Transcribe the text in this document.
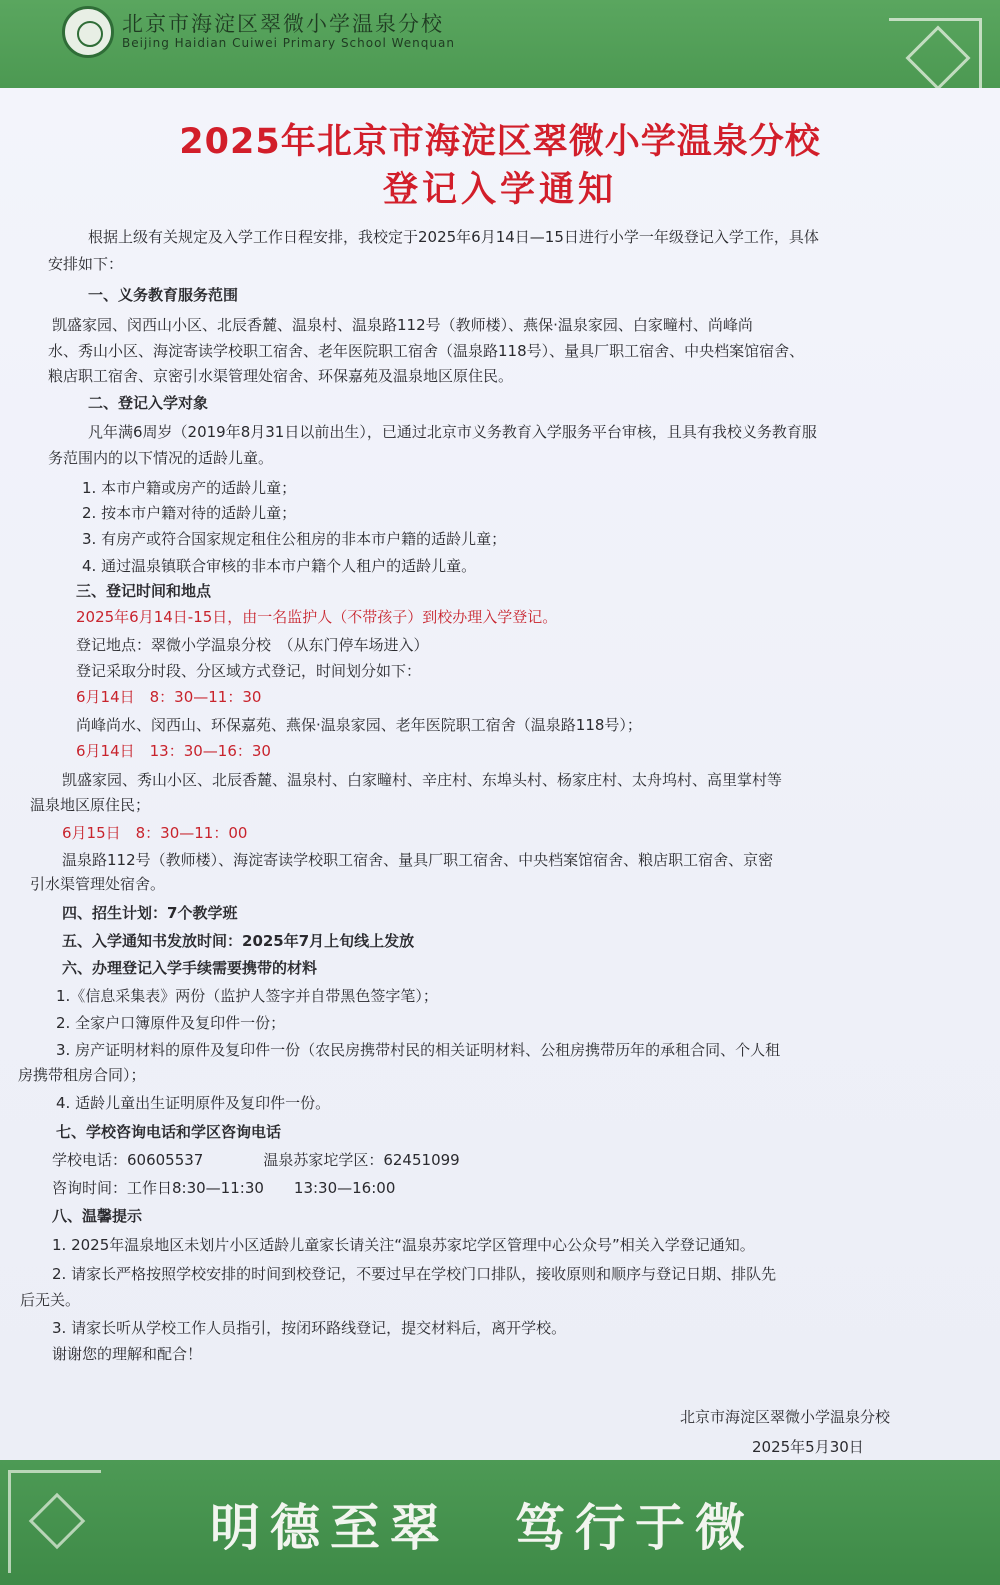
北京市海淀区翠微小学温泉分校
Beijing Haidian Cuiwei Primary School Wenquan
2025年北京市海淀区翠微小学温泉分校
登记入学通知
根据上级有关规定及入学工作日程安排，我校定于2025年6月14日—15日进行小学一年级登记入学工作，具体
安排如下：
一、义务教育服务范围
凯盛家园、闵西山小区、北辰香麓、温泉村、温泉路112号（教师楼）、燕保·温泉家园、白家疃村、尚峰尚
水、秀山小区、海淀寄读学校职工宿舍、老年医院职工宿舍（温泉路118号）、量具厂职工宿舍、中央档案馆宿舍、
粮店职工宿舍、京密引水渠管理处宿舍、环保嘉苑及温泉地区原住民。
二、登记入学对象
凡年满6周岁（2019年8月31日以前出生），已通过北京市义务教育入学服务平台审核，且具有我校义务教育服
务范围内的以下情况的适龄儿童。
1. 本市户籍或房产的适龄儿童；
2. 按本市户籍对待的适龄儿童；
3. 有房产或符合国家规定租住公租房的非本市户籍的适龄儿童；
4. 通过温泉镇联合审核的非本市户籍个人租户的适龄儿童。
三、登记时间和地点
2025年6月14日-15日，由一名监护人（不带孩子）到校办理入学登记。
登记地点：翠微小学温泉分校　（从东门停车场进入）
登记采取分时段、分区域方式登记，时间划分如下：
6月14日　8：30—11：30
尚峰尚水、闵西山、环保嘉苑、燕保·温泉家园、老年医院职工宿舍（温泉路118号）；
6月14日　13：30—16：30
凯盛家园、秀山小区、北辰香麓、温泉村、白家疃村、辛庄村、东埠头村、杨家庄村、太舟坞村、高里掌村等
温泉地区原住民；
6月15日　8：30—11：00
温泉路112号（教师楼）、海淀寄读学校职工宿舍、量具厂职工宿舍、中央档案馆宿舍、粮店职工宿舍、京密
引水渠管理处宿舍。
四、招生计划：7个教学班
五、入学通知书发放时间：2025年7月上旬线上发放
六、办理登记入学手续需要携带的材料
1.《信息采集表》两份（监护人签字并自带黑色签字笔）；
2. 全家户口簿原件及复印件一份；
3. 房产证明材料的原件及复印件一份（农民房携带村民的相关证明材料、公租房携带历年的承租合同、个人租
房携带租房合同）；
4. 适龄儿童出生证明原件及复印件一份。
七、学校咨询电话和学区咨询电话
学校电话：60605537　　　　温泉苏家坨学区：62451099
咨询时间：工作日8:30—11:30　　13:30—16:00
八、温馨提示
1. 2025年温泉地区未划片小区适龄儿童家长请关注“温泉苏家坨学区管理中心公众号”相关入学登记通知。
2. 请家长严格按照学校安排的时间到校登记，不要过早在学校门口排队，接收原则和顺序与登记日期、排队先
后无关。
3. 请家长听从学校工作人员指引，按闭环路线登记，提交材料后，离开学校。
谢谢您的理解和配合！
北京市海淀区翠微小学温泉分校
2025年5月30日
明德至翠 笃行于微
